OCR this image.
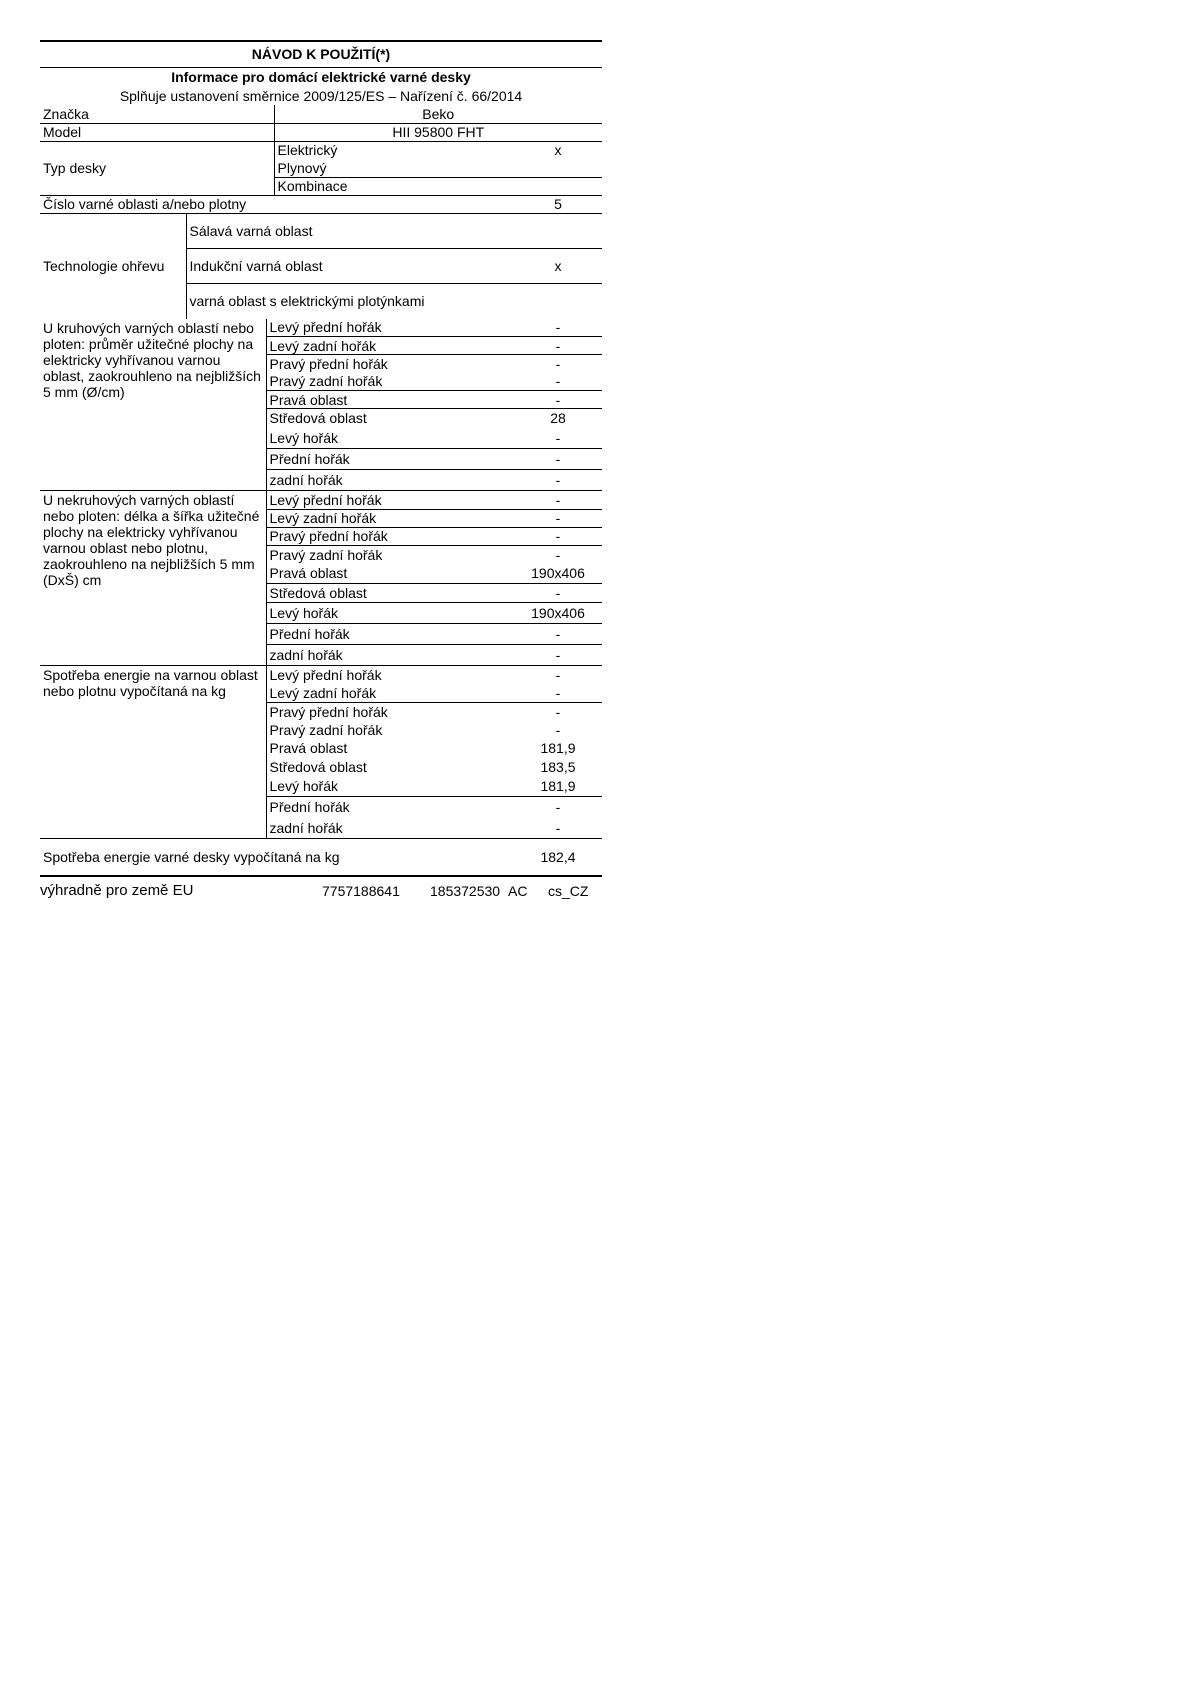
NÁVOD K POUŽITÍ(*)
Informace pro domácí elektrické varné desky
Splňuje ustanovení směrnice 2009/125/ES – Nařízení č. 66/2014
Značka	Beko	
Model	HII 95800 FHT	
Typ desky	Elektrický	x
	Plynový	
	Kombinace	
Číslo varné oblasti a/nebo plotny		5
Technologie ohřevu	Sálavá varná oblast	
	Indukční varná oblast	x
	varná oblast s elektrickými plotýnkami	
U kruhových varných oblastí nebo ploten: průměr užitečné plochy na elektricky vyhřívanou varnou oblast, zaokrouhleno na nejbližších 5 mm (Ø/cm)	Levý přední hořák	-
	Levý zadní hořák	-
	Pravý přední hořák	-
	Pravý zadní hořák	-
	Pravá oblast	-
	Středová oblast	28
	Levý hořák	-
	Přední hořák	-
	zadní hořák	-
U nekruhových varných oblastí nebo ploten: délka a šířka užitečné plochy na elektricky vyhřívanou varnou oblast nebo plotnu, zaokrouhleno na nejbližších 5 mm (DxŠ) cm	Levý přední hořák	-
	Levý zadní hořák	-
	Pravý přední hořák	-
	Pravý zadní hořák	-
	Pravá oblast	190x406
	Středová oblast	-
	Levý hořák	190x406
	Přední hořák	-
	zadní hořák	-
Spotřeba energie na varnou oblast nebo plotnu vypočítaná na kg	Levý přední hořák	-
	Levý zadní hořák	-
	Pravý přední hořák	-
	Pravý zadní hořák	-
	Pravá oblast	181,9
	Středová oblast	183,5
	Levý hořák	181,9
	Přední hořák	-
	zadní hořák	-
Spotřeba energie varné desky vypočítaná na kg	182,4
výhradně pro země EU	7757188641	185372530 AC	cs_CZ
